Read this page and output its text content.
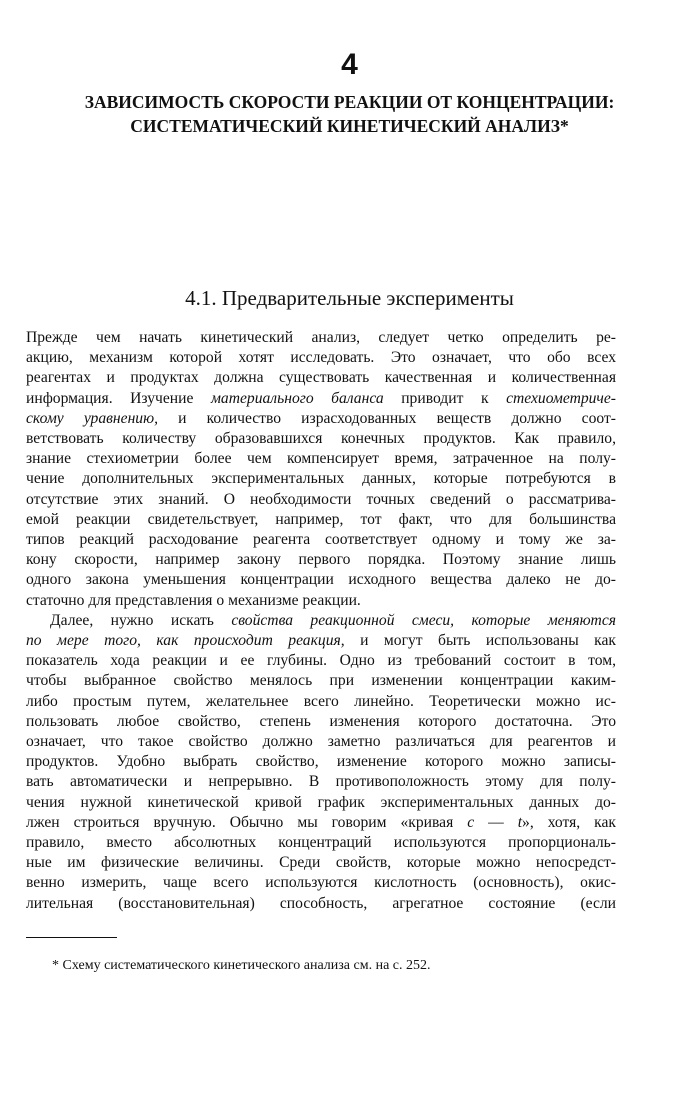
4
ЗАВИСИМОСТЬ СКОРОСТИ РЕАКЦИИ ОТ КОНЦЕНТРАЦИИ:
СИСТЕМАТИЧЕСКИЙ КИНЕТИЧЕСКИЙ АНАЛИЗ*
4.1. Предварительные эксперименты
Прежде чем начать кинетический анализ, следует четко определить ре-
акцию, механизм которой хотят исследовать. Это означает, что обо всех
реагентах и продуктах должна существовать качественная и количественная
информация. Изучение материального баланса приводит к стехиометриче-
скому уравнению, и количество израсходованных веществ должно соот-
ветствовать количеству образовавшихся конечных продуктов. Как правило,
знание стехиометрии более чем компенсирует время, затраченное на полу-
чение дополнительных экспериментальных данных, которые потребуются в
отсутствие этих знаний. О необходимости точных сведений о рассматрива-
емой реакции свидетельствует, например, тот факт, что для большинства
типов реакций расходование реагента соответствует одному и тому же за-
кону скорости, например закону первого порядка. Поэтому знание лишь
одного закона уменьшения концентрации исходного вещества далеко не до-
статочно для представления о механизме реакции.
Далее, нужно искать свойства реакционной смеси, которые меняются
по мере того, как происходит реакция, и могут быть использованы как
показатель хода реакции и ее глубины. Одно из требований состоит в том,
чтобы выбранное свойство менялось при изменении концентрации каким-
либо простым путем, желательнее всего линейно. Теоретически можно ис-
пользовать любое свойство, степень изменения которого достаточна. Это
означает, что такое свойство должно заметно различаться для реагентов и
продуктов. Удобно выбрать свойство, изменение которого можно записы-
вать автоматически и непрерывно. В противоположность этому для полу-
чения нужной кинетической кривой график экспериментальных данных до-
лжен строиться вручную. Обычно мы говорим «кривая c — t», хотя, как
правило, вместо абсолютных концентраций используются пропорциональ-
ные им физические величины. Среди свойств, которые можно непосредст-
венно измерить, чаще всего используются кислотность (основность), окис-
лительная (восстановительная) способность, агрегатное состояние (если

* Схему систематического кинетического анализа см. на с. 252.
